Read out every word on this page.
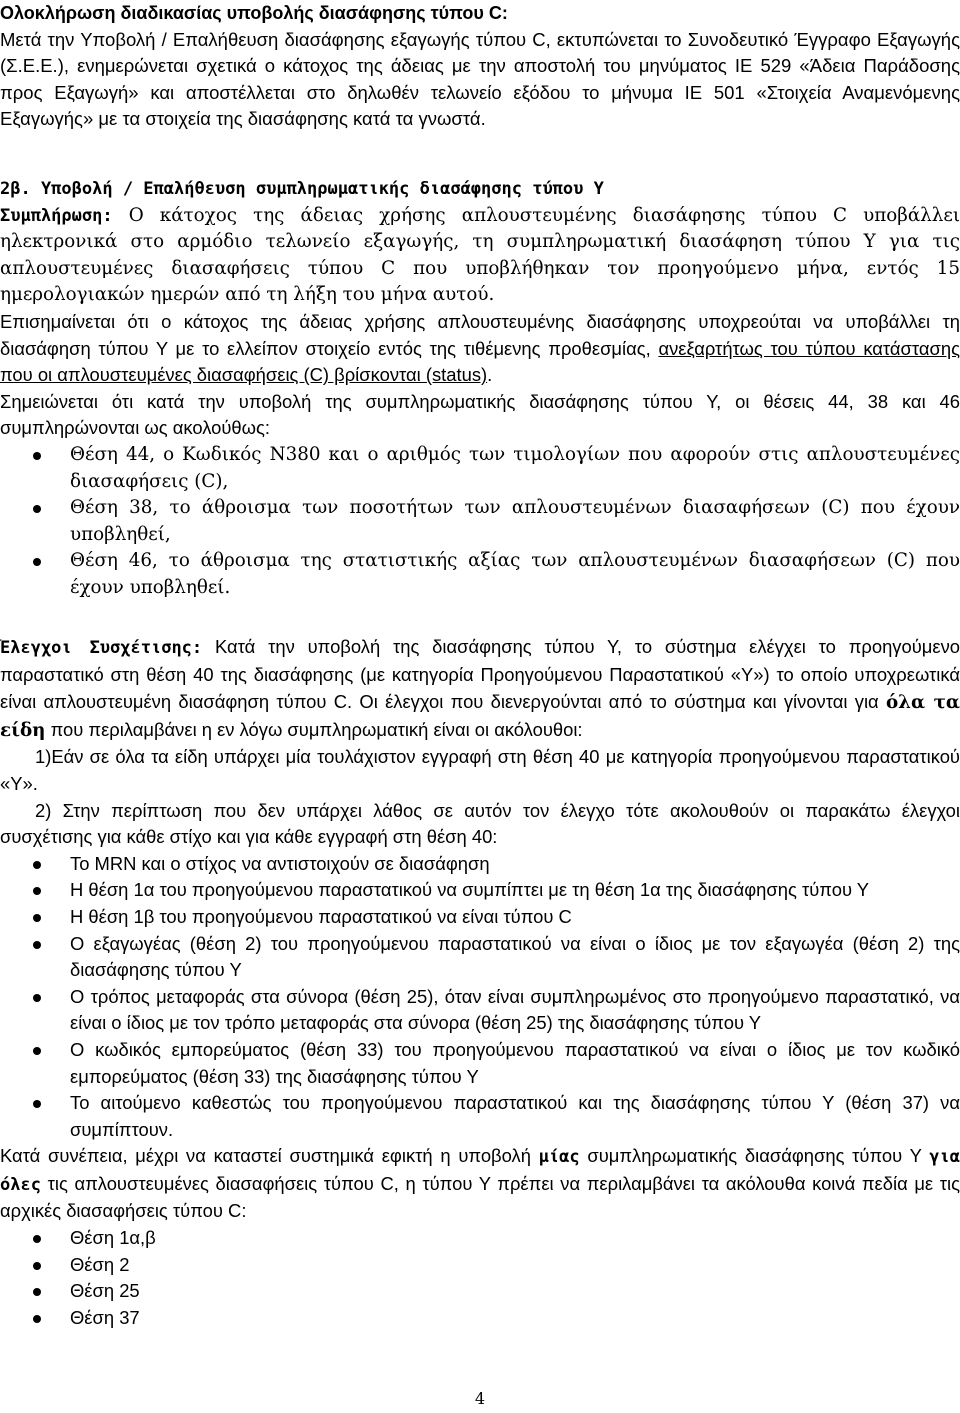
Ολοκλήρωση διαδικασίας υποβολής διασάφησης τύπου C:

Μετά την Υποβολή / Επαλήθευση διασάφησης εξαγωγής τύπου C, εκτυπώνεται το Συνοδευτικό Έγγραφο Εξαγωγής (Σ.Ε.Ε.), ενημερώνεται σχετικά ο κάτοχος της άδειας με την αποστολή του μηνύματος ΙΕ 529 «Άδεια Παράδοσης προς Εξαγωγή» και αποστέλλεται στο δηλωθέν τελωνείο εξόδου το μήνυμα ΙΕ 501 «Στοιχεία Αναμενόμενης Εξαγωγής» με τα στοιχεία της διασάφησης κατά τα γνωστά.

2β. Υποβολή / Επαλήθευση συμπληρωματικής διασάφησης τύπου Υ

Συμπλήρωση: Ο κάτοχος της άδειας χρήσης απλουστευμένης διασάφησης τύπου C υποβάλλει ηλεκτρονικά στο αρμόδιο τελωνείο εξαγωγής, τη συμπληρωματική διασάφηση τύπου Υ για τις απλουστευμένες διασαφήσεις τύπου C που υποβλήθηκαν τον προηγούμενο μήνα, εντός 15 ημερολογιακών ημερών από τη λήξη του μήνα αυτού.

Επισημαίνεται ότι ο κάτοχος της άδειας χρήσης απλουστευμένης διασάφησης υποχρεούται να υποβάλλει τη διασάφηση τύπου Υ με το ελλείπον στοιχείο εντός της τιθέμενης προθεσμίας, ανεξαρτήτως του τύπου κατάστασης που οι απλουστευμένες διασαφήσεις (C) βρίσκονται (status).

Σημειώνεται ότι κατά την υποβολή της συμπληρωματικής διασάφησης τύπου Υ, οι θέσεις 44, 38 και 46 συμπληρώνονται ως ακολούθως:

Θέση 44, ο Κωδικός Ν380 και ο αριθμός των τιμολογίων που αφορούν στις απλουστευμένες διασαφήσεις (C),
Θέση 38, το άθροισμα των ποσοτήτων των απλουστευμένων διασαφήσεων (C) που έχουν υποβληθεί,
Θέση 46, το άθροισμα της στατιστικής αξίας των απλουστευμένων διασαφήσεων (C) που έχουν υποβληθεί.

Έλεγχοι Συσχέτισης: Κατά την υποβολή της διασάφησης τύπου Υ, το σύστημα ελέγχει το προηγούμενο παραστατικό στη θέση 40 της διασάφησης (με κατηγορία Προηγούμενου Παραστατικού «Y») το οποίο υποχρεωτικά είναι απλουστευμένη διασάφηση τύπου C. Οι έλεγχοι που διενεργούνται από το σύστημα και γίνονται για όλα τα είδη που περιλαμβάνει η εν λόγω συμπληρωματική είναι οι ακόλουθοι:

1)Εάν σε όλα τα είδη υπάρχει μία τουλάχιστον εγγραφή στη θέση 40 με κατηγορία προηγούμενου παραστατικού «Υ».

2) Στην περίπτωση που δεν υπάρχει λάθος σε αυτόν τον έλεγχο τότε ακολουθούν οι παρακάτω έλεγχοι συσχέτισης για κάθε στίχο και για κάθε εγγραφή στη θέση 40:

Το MRN και ο στίχος να αντιστοιχούν σε διασάφηση
Η θέση 1α του προηγούμενου παραστατικού να συμπίπτει με τη θέση 1α της διασάφησης τύπου Υ
Η θέση 1β του προηγούμενου παραστατικού να είναι τύπου C
Ο εξαγωγέας (θέση 2) του προηγούμενου παραστατικού να είναι ο ίδιος με τον εξαγωγέα (θέση 2) της διασάφησης τύπου Υ
Ο τρόπος μεταφοράς στα σύνορα (θέση 25), όταν είναι συμπληρωμένος στο προηγούμενο παραστατικό, να είναι ο ίδιος με τον τρόπο μεταφοράς στα σύνορα (θέση 25) της διασάφησης τύπου Υ
Ο κωδικός εμπορεύματος (θέση 33) του προηγούμενου παραστατικού να είναι ο ίδιος με τον κωδικό εμπορεύματος (θέση 33) της διασάφησης τύπου Υ
Το αιτούμενο καθεστώς του προηγούμενου παραστατικού και της διασάφησης τύπου Υ (θέση 37) να συμπίπτουν.

Κατά συνέπεια, μέχρι να καταστεί συστημικά εφικτή η υποβολή μίας συμπληρωματικής διασάφησης τύπου Υ για όλες τις απλουστευμένες διασαφήσεις τύπου C, η τύπου Υ πρέπει να περιλαμβάνει τα ακόλουθα κοινά πεδία με τις αρχικές διασαφήσεις τύπου C:

Θέση 1α,β
Θέση 2
Θέση 25
Θέση 37
4
